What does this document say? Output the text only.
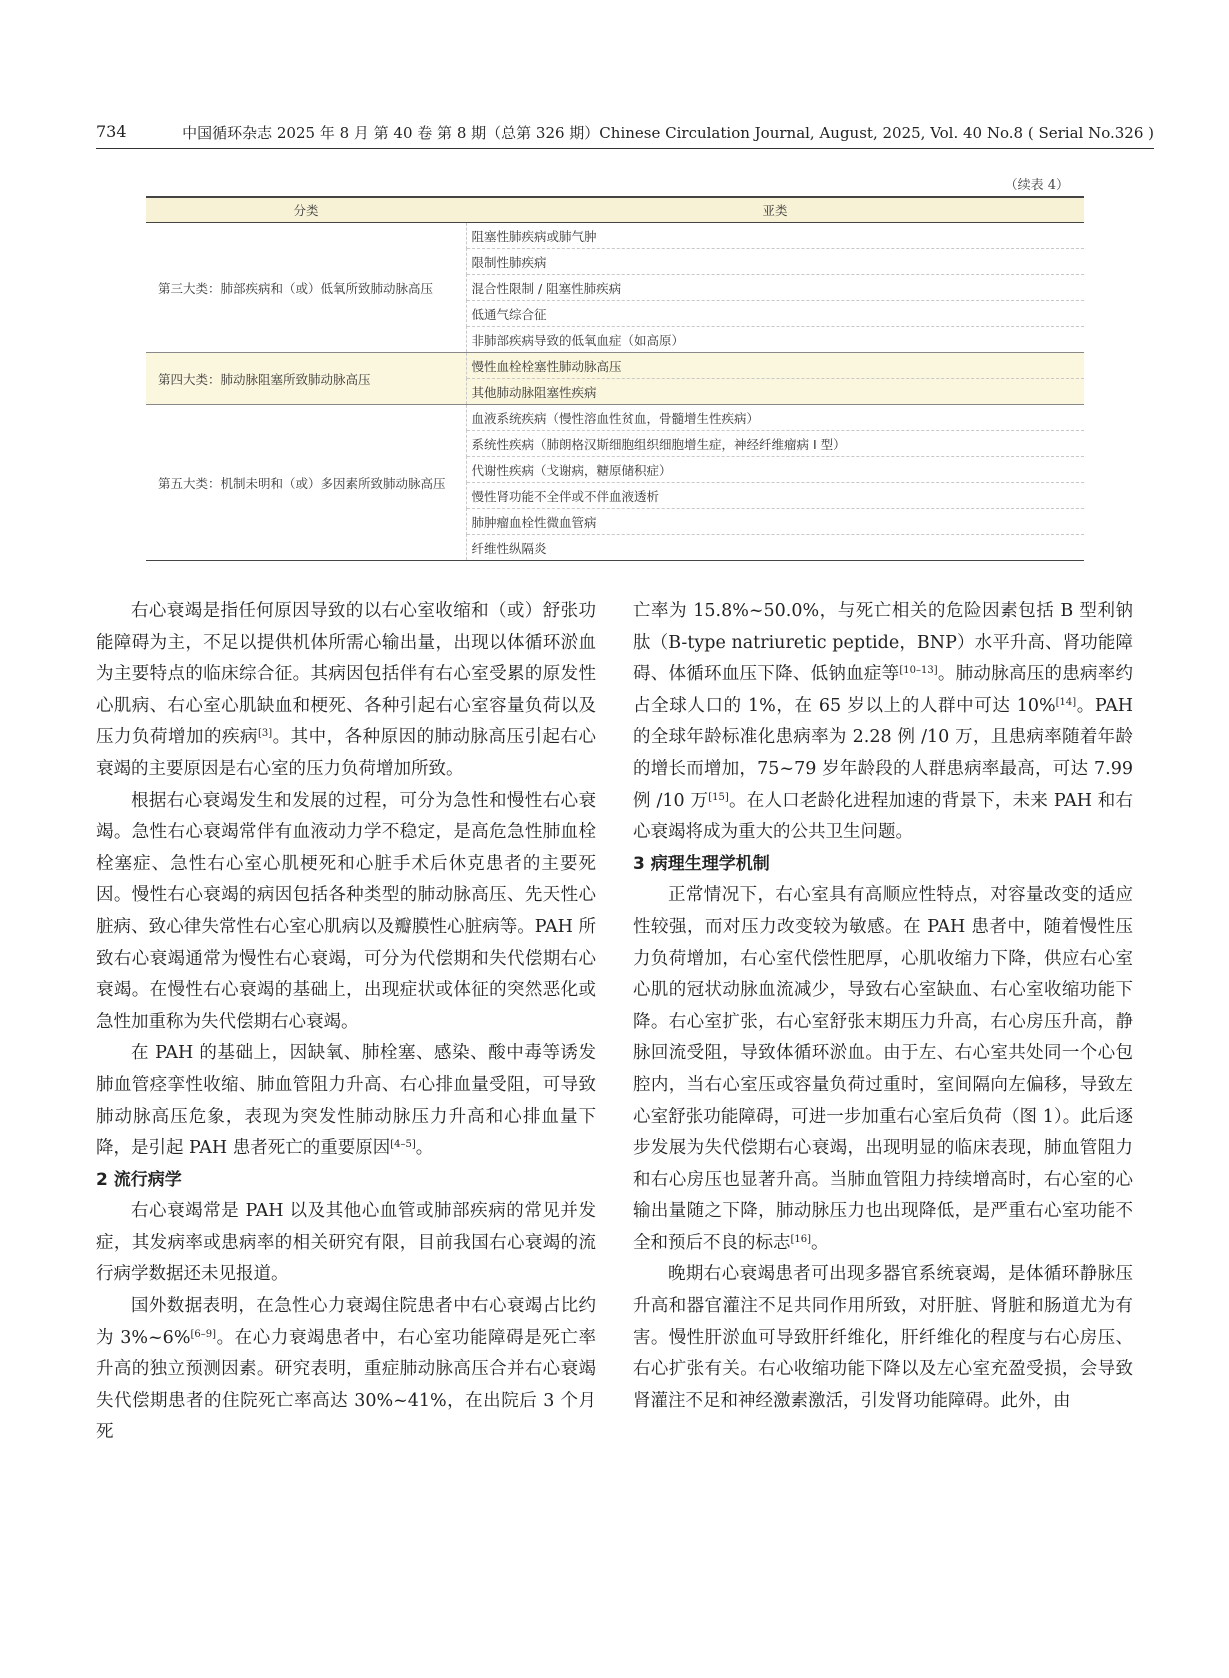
734	中国循环杂志 2025 年 8 月 第 40 卷 第 8 期（总第 326 期）Chinese Circulation Journal, August, 2025, Vol. 40 No.8 ( Serial No.326 )
（续表 4）
分类	亚类
第三大类：肺部疾病和（或）低氧所致肺动脉高压	阻塞性肺疾病或肺气肿
	限制性肺疾病
	混合性限制 / 阻塞性肺疾病
	低通气综合征
	非肺部疾病导致的低氧血症（如高原）
第四大类：肺动脉阻塞所致肺动脉高压	慢性血栓栓塞性肺动脉高压
	其他肺动脉阻塞性疾病
第五大类：机制未明和（或）多因素所致肺动脉高压	血液系统疾病（慢性溶血性贫血，骨髓增生性疾病）
	系统性疾病（肺朗格汉斯细胞组织细胞增生症，神经纤维瘤病 Ⅰ 型）
	代谢性疾病（戈谢病，糖原储积症）
	慢性肾功能不全伴或不伴血液透析
	肺肿瘤血栓性微血管病
	纤维性纵隔炎

右心衰竭是指任何原因导致的以右心室收缩和（或）舒张功能障碍为主，不足以提供机体所需心输出量，出现以体循环淤血为主要特点的临床综合征。其病因包括伴有右心室受累的原发性心肌病、右心室心肌缺血和梗死、各种引起右心室容量负荷以及压力负荷增加的疾病[3]。其中，各种原因的肺动脉高压引起右心衰竭的主要原因是右心室的压力负荷增加所致。

根据右心衰竭发生和发展的过程，可分为急性和慢性右心衰竭。急性右心衰竭常伴有血液动力学不稳定，是高危急性肺血栓栓塞症、急性右心室心肌梗死和心脏手术后休克患者的主要死因。慢性右心衰竭的病因包括各种类型的肺动脉高压、先天性心脏病、致心律失常性右心室心肌病以及瓣膜性心脏病等。PAH 所致右心衰竭通常为慢性右心衰竭，可分为代偿期和失代偿期右心衰竭。在慢性右心衰竭的基础上，出现症状或体征的突然恶化或急性加重称为失代偿期右心衰竭。

在 PAH 的基础上，因缺氧、肺栓塞、感染、酸中毒等诱发肺血管痉挛性收缩、肺血管阻力升高、右心排血量受阻，可导致肺动脉高压危象，表现为突发性肺动脉压力升高和心排血量下降，是引起 PAH 患者死亡的重要原因[4–5]。

2 流行病学

右心衰竭常是 PAH 以及其他心血管或肺部疾病的常见并发症，其发病率或患病率的相关研究有限，目前我国右心衰竭的流行病学数据还未见报道。

国外数据表明，在急性心力衰竭住院患者中右心衰竭占比约为 3%~6%[6–9]。在心力衰竭患者中，右心室功能障碍是死亡率升高的独立预测因素。研究表明，重症肺动脉高压合并右心衰竭失代偿期患者的住院死亡率高达 30%~41%，在出院后 3 个月死

亡率为 15.8%~50.0%，与死亡相关的危险因素包括 B 型利钠肽（B-type natriuretic peptide，BNP）水平升高、肾功能障碍、体循环血压下降、低钠血症等[10–13]。肺动脉高压的患病率约占全球人口的 1%，在 65 岁以上的人群中可达 10%[14]。PAH 的全球年龄标准化患病率为 2.28 例 /10 万，且患病率随着年龄的增长而增加，75~79 岁年龄段的人群患病率最高，可达 7.99 例 /10 万[15]。在人口老龄化进程加速的背景下，未来 PAH 和右心衰竭将成为重大的公共卫生问题。

3 病理生理学机制

正常情况下，右心室具有高顺应性特点，对容量改变的适应性较强，而对压力改变较为敏感。在 PAH 患者中，随着慢性压力负荷增加，右心室代偿性肥厚，心肌收缩力下降，供应右心室心肌的冠状动脉血流减少，导致右心室缺血、右心室收缩功能下降。右心室扩张，右心室舒张末期压力升高，右心房压升高，静脉回流受阻，导致体循环淤血。由于左、右心室共处同一个心包腔内，当右心室压或容量负荷过重时，室间隔向左偏移，导致左心室舒张功能障碍，可进一步加重右心室后负荷（图 1）。此后逐步发展为失代偿期右心衰竭，出现明显的临床表现，肺血管阻力和右心房压也显著升高。当肺血管阻力持续增高时，右心室的心输出量随之下降，肺动脉压力也出现降低，是严重右心室功能不全和预后不良的标志[16]。

晚期右心衰竭患者可出现多器官系统衰竭，是体循环静脉压升高和器官灌注不足共同作用所致，对肝脏、肾脏和肠道尤为有害。慢性肝淤血可导致肝纤维化，肝纤维化的程度与右心房压、右心扩张有关。右心收缩功能下降以及左心室充盈受损，会导致肾灌注不足和神经激素激活，引发肾功能障碍。此外，由
